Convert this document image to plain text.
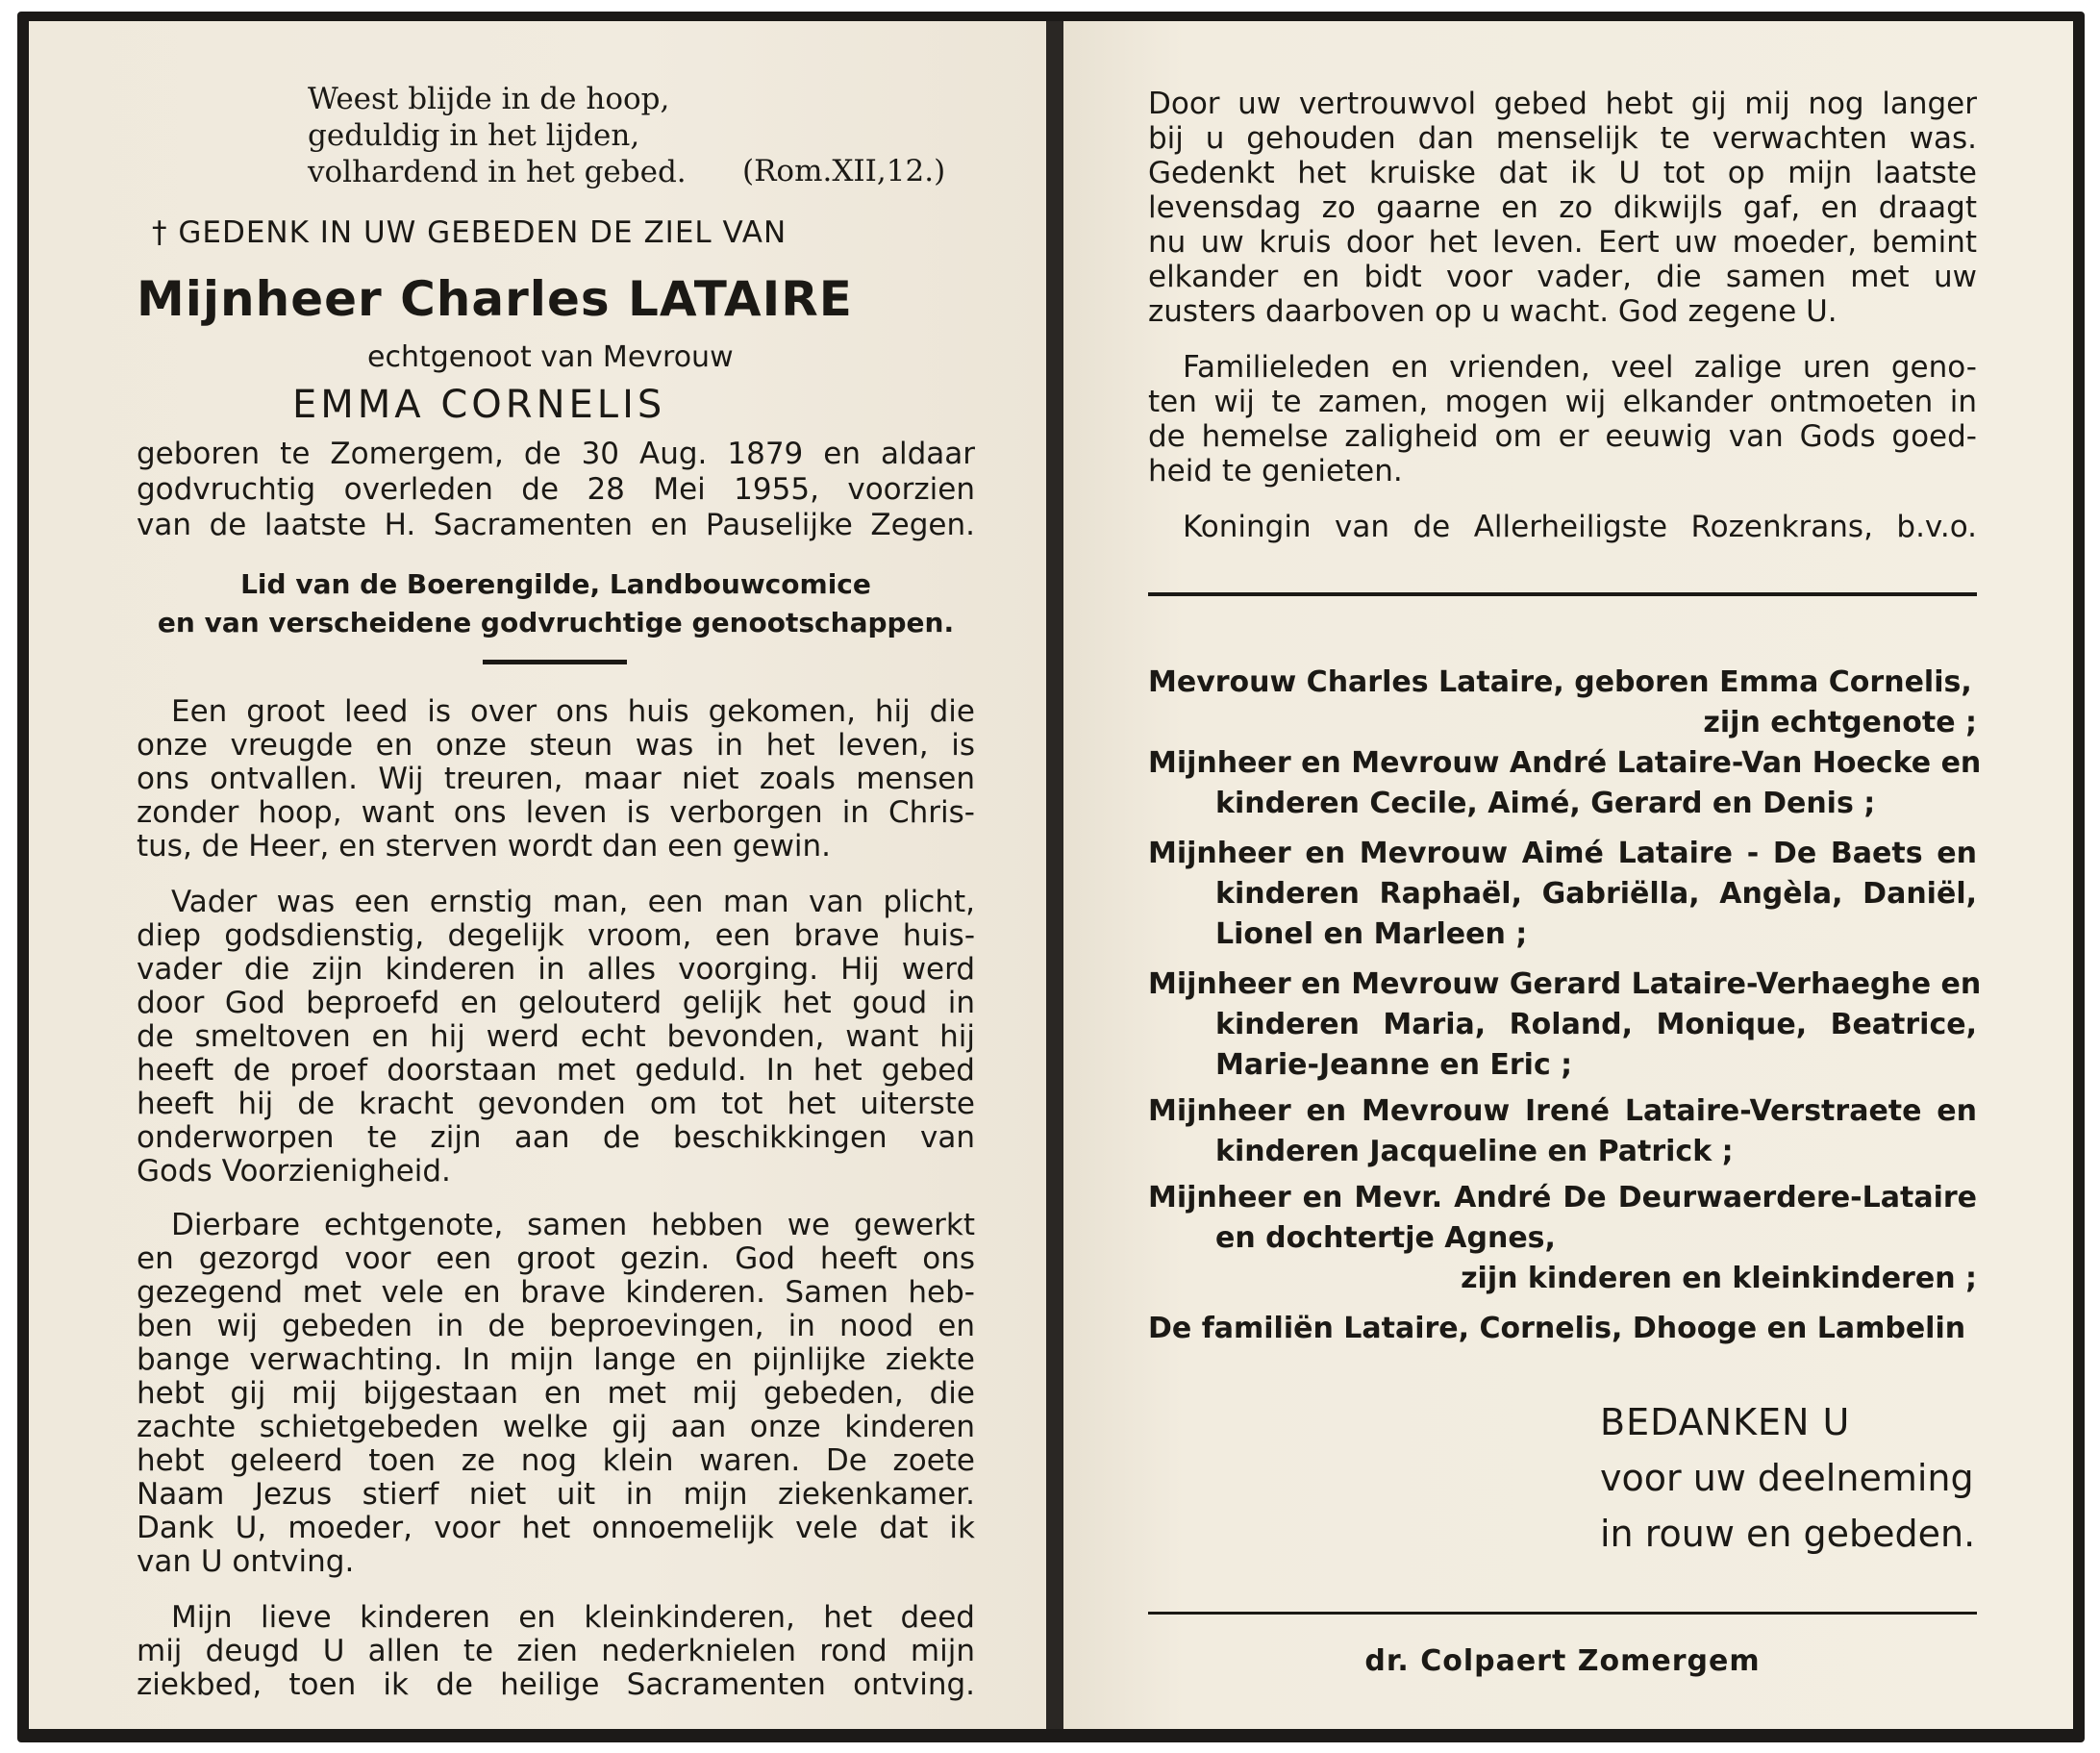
Weest blijde in de hoop,
geduldig in het lijden,
volhardend in het gebed. (Rom.XII,12.)
† GEDENK IN UW GEBEDEN DE ZIEL VAN
Mijnheer Charles LATAIRE
echtgenoot van Mevrouw
EMMA CORNELIS
geboren te Zomergem, de 30 Aug. 1879 en aldaar
godvruchtig overleden de 28 Mei 1955, voorzien
van de laatste H. Sacramenten en Pauselijke Zegen.
Lid van de Boerengilde, Landbouwcomice
en van verscheidene godvruchtige genootschappen.
Een groot leed is over ons huis gekomen, hij die
onze vreugde en onze steun was in het leven, is
ons ontvallen. Wij treuren, maar niet zoals mensen
zonder hoop, want ons leven is verborgen in Chris-
tus, de Heer, en sterven wordt dan een gewin.
Vader was een ernstig man, een man van plicht,
diep godsdienstig, degelijk vroom, een brave huis-
vader die zijn kinderen in alles voorging. Hij werd
door God beproefd en gelouterd gelijk het goud in
de smeltoven en hij werd echt bevonden, want hij
heeft de proef doorstaan met geduld. In het gebed
heeft hij de kracht gevonden om tot het uiterste
onderworpen te zijn aan de beschikkingen van
Gods Voorzienigheid.
Dierbare echtgenote, samen hebben we gewerkt
en gezorgd voor een groot gezin. God heeft ons
gezegend met vele en brave kinderen. Samen heb-
ben wij gebeden in de beproevingen, in nood en
bange verwachting. In mijn lange en pijnlijke ziekte
hebt gij mij bijgestaan en met mij gebeden, die
zachte schietgebeden welke gij aan onze kinderen
hebt geleerd toen ze nog klein waren. De zoete
Naam Jezus stierf niet uit in mijn ziekenkamer.
Dank U, moeder, voor het onnoemelijk vele dat ik
van U ontving.
Mijn lieve kinderen en kleinkinderen, het deed
mij deugd U allen te zien nederknielen rond mijn
ziekbed, toen ik de heilige Sacramenten ontving.
Door uw vertrouwvol gebed hebt gij mij nog langer
bij u gehouden dan menselijk te verwachten was.
Gedenkt het kruiske dat ik U tot op mijn laatste
levensdag zo gaarne en zo dikwijls gaf, en draagt
nu uw kruis door het leven. Eert uw moeder, bemint
elkander en bidt voor vader, die samen met uw
zusters daarboven op u wacht. God zegene U.
Familieleden en vrienden, veel zalige uren geno-
ten wij te zamen, mogen wij elkander ontmoeten in
de hemelse zaligheid om er eeuwig van Gods goed-
heid te genieten.
Koningin van de Allerheiligste Rozenkrans, b.v.o.
Mevrouw Charles Lataire, geboren Emma Cornelis,
zijn echtgenote ;
Mijnheer en Mevrouw André Lataire-Van Hoecke en
kinderen Cecile, Aimé, Gerard en Denis ;
Mijnheer en Mevrouw Aimé Lataire - De Baets en
kinderen Raphaël, Gabriëlla, Angèla, Daniël,
Lionel en Marleen ;
Mijnheer en Mevrouw Gerard Lataire-Verhaeghe en
kinderen Maria, Roland, Monique, Beatrice,
Marie-Jeanne en Eric ;
Mijnheer en Mevrouw Irené Lataire-Verstraete en
kinderen Jacqueline en Patrick ;
Mijnheer en Mevr. André De Deurwaerdere-Lataire
en dochtertje Agnes,
zijn kinderen en kleinkinderen ;
De familiën Lataire, Cornelis, Dhooge en Lambelin
BEDANKEN U
voor uw deelneming
in rouw en gebeden.
dr. Colpaert Zomergem
